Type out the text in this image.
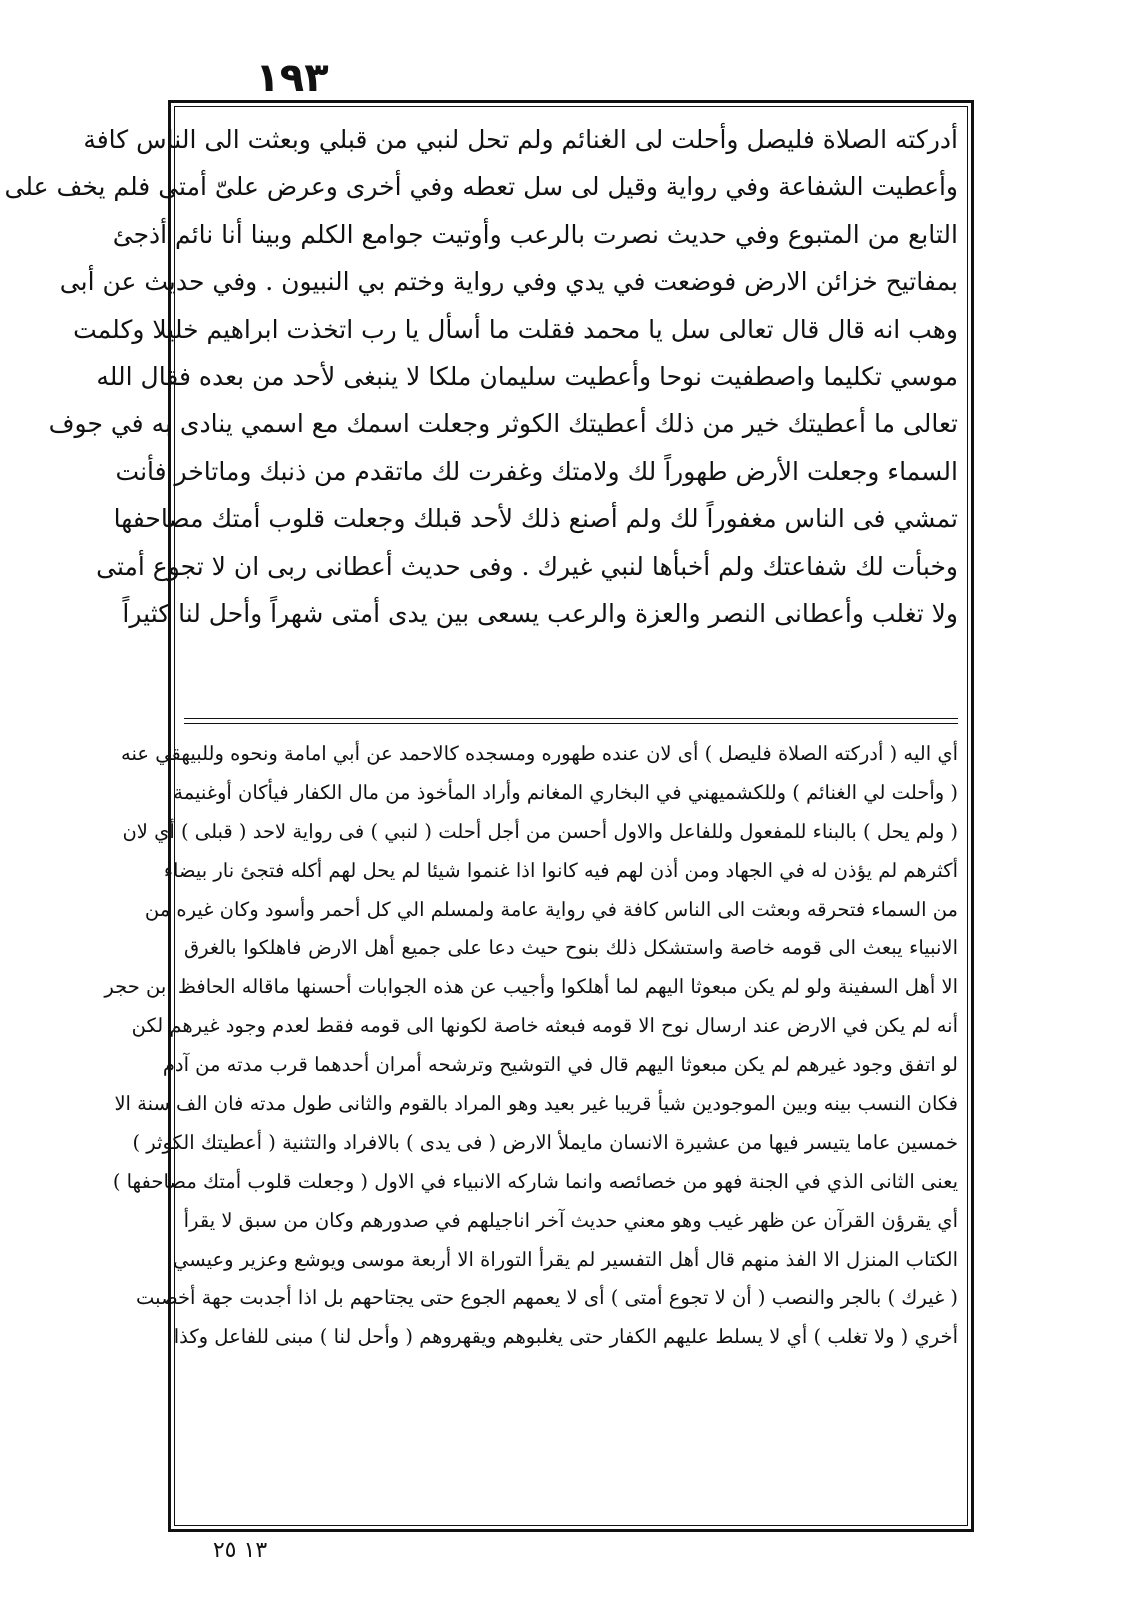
١٩٣
أدركته الصلاة فليصل وأحلت لى الغنائم ولم تحل لنبي من قبلي وبعثت الى الناس كافة
وأعطيت الشفاعة وفي رواية وقيل لى سل تعطه وفي أخرى وعرض علىّ أمتى فلم يخف على
التابع من المتبوع وفي حديث نصرت بالرعب وأوتيت جوامع الكلم وبينا أنا نائم أذجئ
بمفاتيح خزائن الارض فوضعت في يدي وفي رواية وختم بي النبيون . وفي حديث عن أبى
وهب انه قال قال تعالى سل يا محمد فقلت ما أسأل يا رب اتخذت ابراهيم خليلا وكلمت
موسي تكليما واصطفيت نوحا وأعطيت سليمان ملكا لا ينبغى لأحد من بعده فقال الله
تعالى ما أعطيتك خير من ذلك أعطيتك الكوثر وجعلت اسمك مع اسمي ينادى به في جوف
السماء وجعلت الأرض طهوراً لك ولامتك وغفرت لك ماتقدم من ذنبك وماتاخر فأنت
تمشي فى الناس مغفوراً لك ولم أصنع ذلك لأحد قبلك وجعلت قلوب أمتك مصاحفها
وخبأت لك شفاعتك ولم أخبأها لنبي غيرك . وفى حديث أعطانى ربى ان لا تجوع أمتى
ولا تغلب وأعطانى النصر والعزة والرعب يسعى بين يدى أمتى شهراً وأحل لنا كثيراً
أي اليه ( أدركته الصلاة فليصل ) أى لان عنده طهوره ومسجده كالاحمد عن أبي امامة ونحوه وللبيهقي عنه
( وأحلت لي الغنائم ) وللكشميهني في البخاري المغانم وأراد المأخوذ من مال الكفار فيأكان أوغنيمة
( ولم يحل ) بالبناء للمفعول وللفاعل والاول أحسن من أجل أحلت ( لنبي ) فى رواية لاحد ( قبلى ) أي لان
أكثرهم لم يؤذن له في الجهاد ومن أذن لهم فيه كانوا اذا غنموا شيئا لم يحل لهم أكله فتجئ نار بيضاء
من السماء فتحرقه وبعثت الى الناس كافة في رواية عامة ولمسلم الي كل أحمر وأسود وكان غيره من
الانبياء يبعث الى قومه خاصة واستشكل ذلك بنوح حيث دعا على جميع أهل الارض فاهلكوا بالغرق
الا أهل السفينة ولو لم يكن مبعوثا اليهم لما أهلكوا وأجيب عن هذه الجوابات أحسنها ماقاله الحافظ ابن حجر
أنه لم يكن في الارض عند ارسال نوح الا قومه فبعثه خاصة لكونها الى قومه فقط لعدم وجود غيرهم لكن
لو اتفق وجود غيرهم لم يكن مبعوثا اليهم قال في التوشيح وترشحه أمران أحدهما قرب مدته من آدم
فكان النسب بينه وبين الموجودين شيأ قريبا غير بعيد وهو المراد بالقوم والثانى طول مدته فان الف سنة الا
خمسين عاما يتيسر فيها من عشيرة الانسان مايملأ الارض ( فى يدى ) بالافراد والتثنية ( أعطيتك الكوثر )
يعنى الثانى الذي في الجنة فهو من خصائصه وانما شاركه الانبياء في الاول ( وجعلت قلوب أمتك مصاحفها )
أي يقرؤن القرآن عن ظهر غيب وهو معني حديث آخر اناجيلهم في صدورهم وكان من سبق لا يقرأ
الكتاب المنزل الا الفذ منهم قال أهل التفسير لم يقرأ التوراة الا أربعة موسى ويوشع وعزير وعيسي
( غيرك ) بالجر والنصب ( أن لا تجوع أمتى ) أى لا يعمهم الجوع حتى يجتاحهم بل اذا أجدبت جهة أخصبت
أخري ( ولا تغلب ) أي لا يسلط عليهم الكفار حتى يغلبوهم ويقهروهم ( وأحل لنا ) مبنى للفاعل وكذا
١٣ ٢٥
